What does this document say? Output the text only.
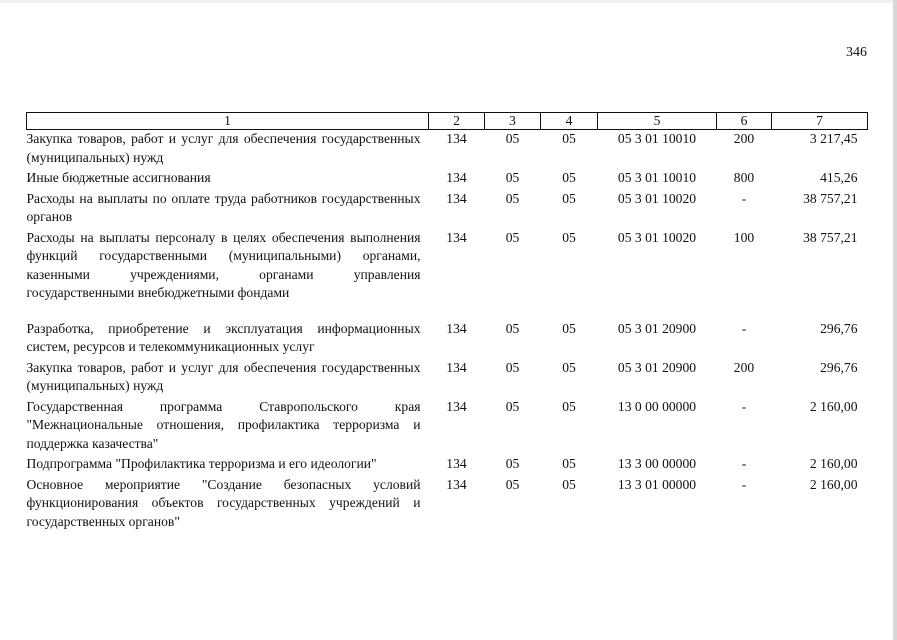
346
1	2	3	4	5	6	7
Закупка товаров, работ и услуг для обеспечения государственных (муниципальных) нужд	134	05	05	05 3 01 10010	200	3 217,45
Иные бюджетные ассигнования	134	05	05	05 3 01 10010	800	415,26
Расходы на выплаты по оплате труда работников государственных органов	134	05	05	05 3 01 10020	-	38 757,21
Расходы на выплаты персоналу в целях обеспечения выполнения функций государственными (муниципальными) органами, казенными учреждениями, органами управления государственными внебюджетными фондами	134	05	05	05 3 01 10020	100	38 757,21
Разработка, приобретение и эксплуатация информационных систем, ресурсов и телекоммуникационных услуг	134	05	05	05 3 01 20900	-	296,76
Закупка товаров, работ и услуг для обеспечения государственных (муниципальных) нужд	134	05	05	05 3 01 20900	200	296,76
Государственная программа Ставропольского края "Межнациональные отношения, профилактика терроризма и поддержка казачества"	134	05	05	13 0 00 00000	-	2 160,00
Подпрограмма "Профилактика терроризма и его идеологии"	134	05	05	13 3 00 00000	-	2 160,00
Основное мероприятие "Создание безопасных условий функционирования объектов государственных учреждений и государственных органов"	134	05	05	13 3 01 00000	-	2 160,00
